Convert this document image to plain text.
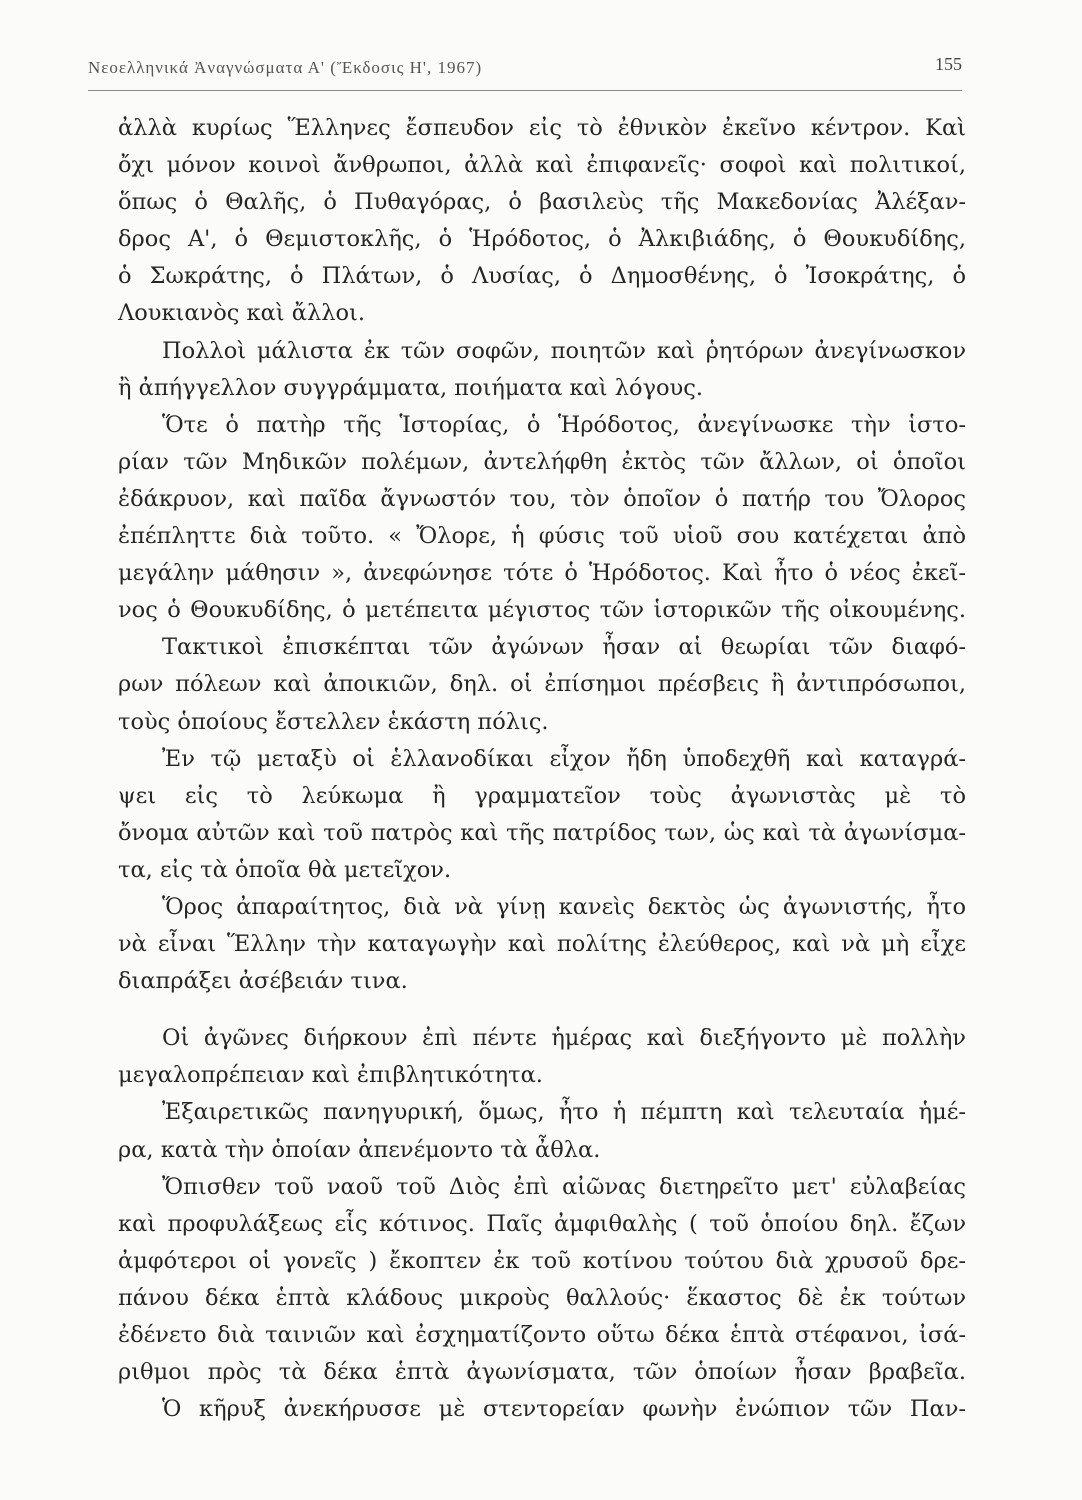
Νεοελληνικά Ἀναγνώσματα Α' (Ἔκδοσις Η', 1967)	155
ἀλλὰ κυρίως Ἕλληνες ἔσπευδον εἰς τὸ ἐθνικὸν ἐκεῖνο κέντρον. Καὶ
ὄχι μόνον κοινοὶ ἄνθρωποι, ἀλλὰ καὶ ἐπιφανεῖς· σοφοὶ καὶ πολιτικοί,
ὅπως ὁ Θαλῆς, ὁ Πυθαγόρας, ὁ βασιλεὺς τῆς Μακεδονίας Ἀλέξαν-
δρος Α', ὁ Θεμιστοκλῆς, ὁ Ἡρόδοτος, ὁ Ἀλκιβιάδης, ὁ Θουκυδίδης,
ὁ Σωκράτης, ὁ Πλάτων, ὁ Λυσίας, ὁ Δημοσθένης, ὁ Ἰσοκράτης, ὁ
Λουκιανὸς καὶ ἄλλοι.
Πολλοὶ μάλιστα ἐκ τῶν σοφῶν, ποιητῶν καὶ ῥητόρων ἀνεγίνωσκον
ἢ ἀπήγγελλον συγγράμματα, ποιήματα καὶ λόγους.
Ὅτε ὁ πατὴρ τῆς Ἱστορίας, ὁ Ἡρόδοτος, ἀνεγίνωσκε τὴν ἱστο-
ρίαν τῶν Μηδικῶν πολέμων, ἀντελήφθη ἐκτὸς τῶν ἄλλων, οἱ ὁποῖοι
ἐδάκρυον, καὶ παῖδα ἄγνωστόν του, τὸν ὁποῖον ὁ πατήρ του Ὄλορος
ἐπέπληττε διὰ τοῦτο. « Ὄλορε, ἡ φύσις τοῦ υἱοῦ σου κατέχεται ἀπὸ
μεγάλην μάθησιν », ἀνεφώνησε τότε ὁ Ἡρόδοτος. Καὶ ἦτο ὁ νέος ἐκεῖ-
νος ὁ Θουκυδίδης, ὁ μετέπειτα μέγιστος τῶν ἱστορικῶν τῆς οἰκουμένης.
Τακτικοὶ ἐπισκέπται τῶν ἀγώνων ἦσαν αἱ θεωρίαι τῶν διαφό-
ρων πόλεων καὶ ἀποικιῶν, δηλ. οἱ ἐπίσημοι πρέσβεις ἢ ἀντιπρόσωποι,
τοὺς ὁποίους ἔστελλεν ἑκάστη πόλις.
Ἐν τῷ μεταξὺ οἱ ἑλλανοδίκαι εἶχον ἤδη ὑποδεχθῆ καὶ καταγρά-
ψει εἰς τὸ λεύκωμα ἢ γραμματεῖον τοὺς ἀγωνιστὰς μὲ τὸ
ὄνομα αὐτῶν καὶ τοῦ πατρὸς καὶ τῆς πατρίδος των, ὡς καὶ τὰ ἀγωνίσμα-
τα, εἰς τὰ ὁποῖα θὰ μετεῖχον.
Ὅρος ἀπαραίτητος, διὰ νὰ γίνῃ κανεὶς δεκτὸς ὡς ἀγωνιστής, ἦτο
νὰ εἶναι Ἕλλην τὴν καταγωγὴν καὶ πολίτης ἐλεύθερος, καὶ νὰ μὴ εἶχε
διαπράξει ἀσέβειάν τινα.
Οἱ ἀγῶνες διήρκουν ἐπὶ πέντε ἡμέρας καὶ διεξήγοντο μὲ πολλὴν
μεγαλοπρέπειαν καὶ ἐπιβλητικότητα.
Ἐξαιρετικῶς πανηγυρική, ὅμως, ἦτο ἡ πέμπτη καὶ τελευταία ἡμέ-
ρα, κατὰ τὴν ὁποίαν ἀπενέμοντο τὰ ἆθλα.
Ὄπισθεν τοῦ ναοῦ τοῦ Διὸς ἐπὶ αἰῶνας διετηρεῖτο μετ' εὐλαβείας
καὶ προφυλάξεως εἷς κότινος. Παῖς ἀμφιθαλὴς ( τοῦ ὁποίου δηλ. ἔζων
ἀμφότεροι οἱ γονεῖς ) ἔκοπτεν ἐκ τοῦ κοτίνου τούτου διὰ χρυσοῦ δρε-
πάνου δέκα ἑπτὰ κλάδους μικροὺς θαλλούς· ἕκαστος δὲ ἐκ τούτων
ἐδένετο διὰ ταινιῶν καὶ ἐσχηματίζοντο οὕτω δέκα ἑπτὰ στέφανοι, ἰσά-
ριθμοι πρὸς τὰ δέκα ἑπτὰ ἀγωνίσματα, τῶν ὁποίων ἦσαν βραβεῖα.
Ὁ κῆρυξ ἀνεκήρυσσε μὲ στεντορείαν φωνὴν ἐνώπιον τῶν Παν-
